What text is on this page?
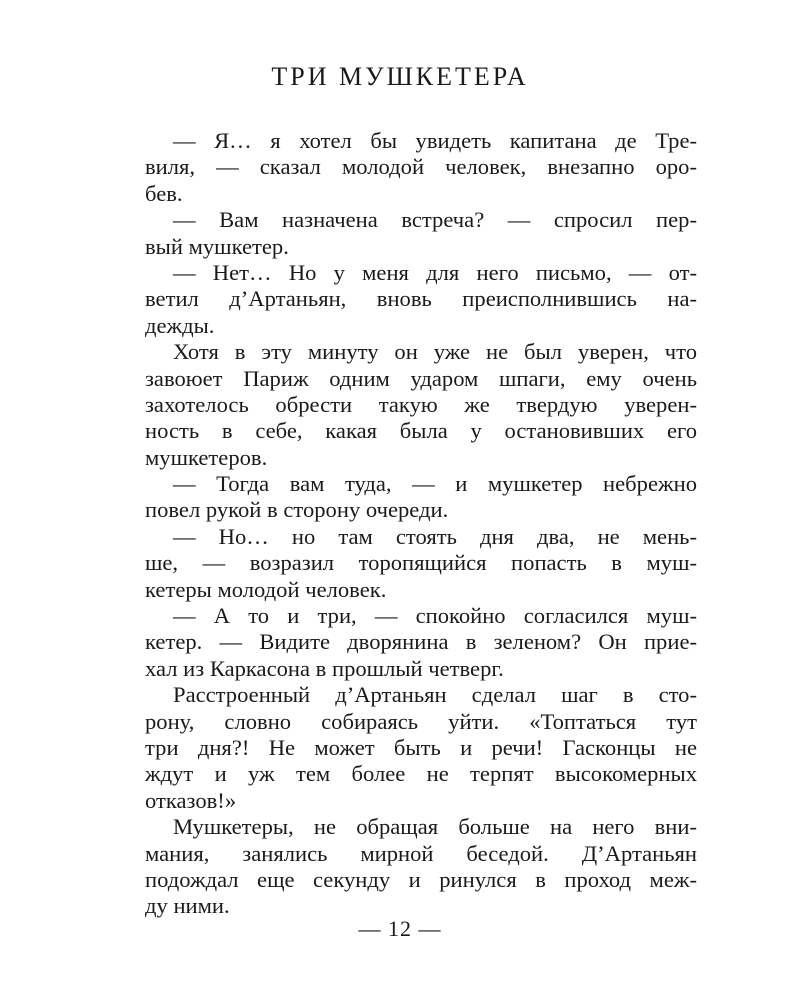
ТРИ МУШКЕТЕРА
— Я… я хотел бы увидеть капитана де Тре-
виля, — сказал молодой человек, внезапно оро-
бев.
— Вам назначена встреча? — спросил пер-
вый мушкетер.
— Нет… Но у меня для него письмо, — от-
ветил д’Артаньян, вновь преисполнившись на-
дежды.
Хотя в эту минуту он уже не был уверен, что
завоюет Париж одним ударом шпаги, ему очень
захотелось обрести такую же твердую уверен-
ность в себе, какая была у остановивших его
мушкетеров.
— Тогда вам туда, — и мушкетер небрежно
повел рукой в сторону очереди.
— Но… но там стоять дня два, не мень-
ше, — возразил торопящийся попасть в муш-
кетеры молодой человек.
— А то и три, — спокойно согласился муш-
кетер. — Видите дворянина в зеленом? Он прие-
хал из Каркасона в прошлый четверг.
Расстроенный д’Артаньян сделал шаг в сто-
рону, словно собираясь уйти. «Топтаться тут
три дня?! Не может быть и речи! Гасконцы не
ждут и уж тем более не терпят высокомерных
отказов!»
Мушкетеры, не обращая больше на него вни-
мания, занялись мирной беседой. Д’Артаньян
подождал еще секунду и ринулся в проход меж-
ду ними.
— 12 —
